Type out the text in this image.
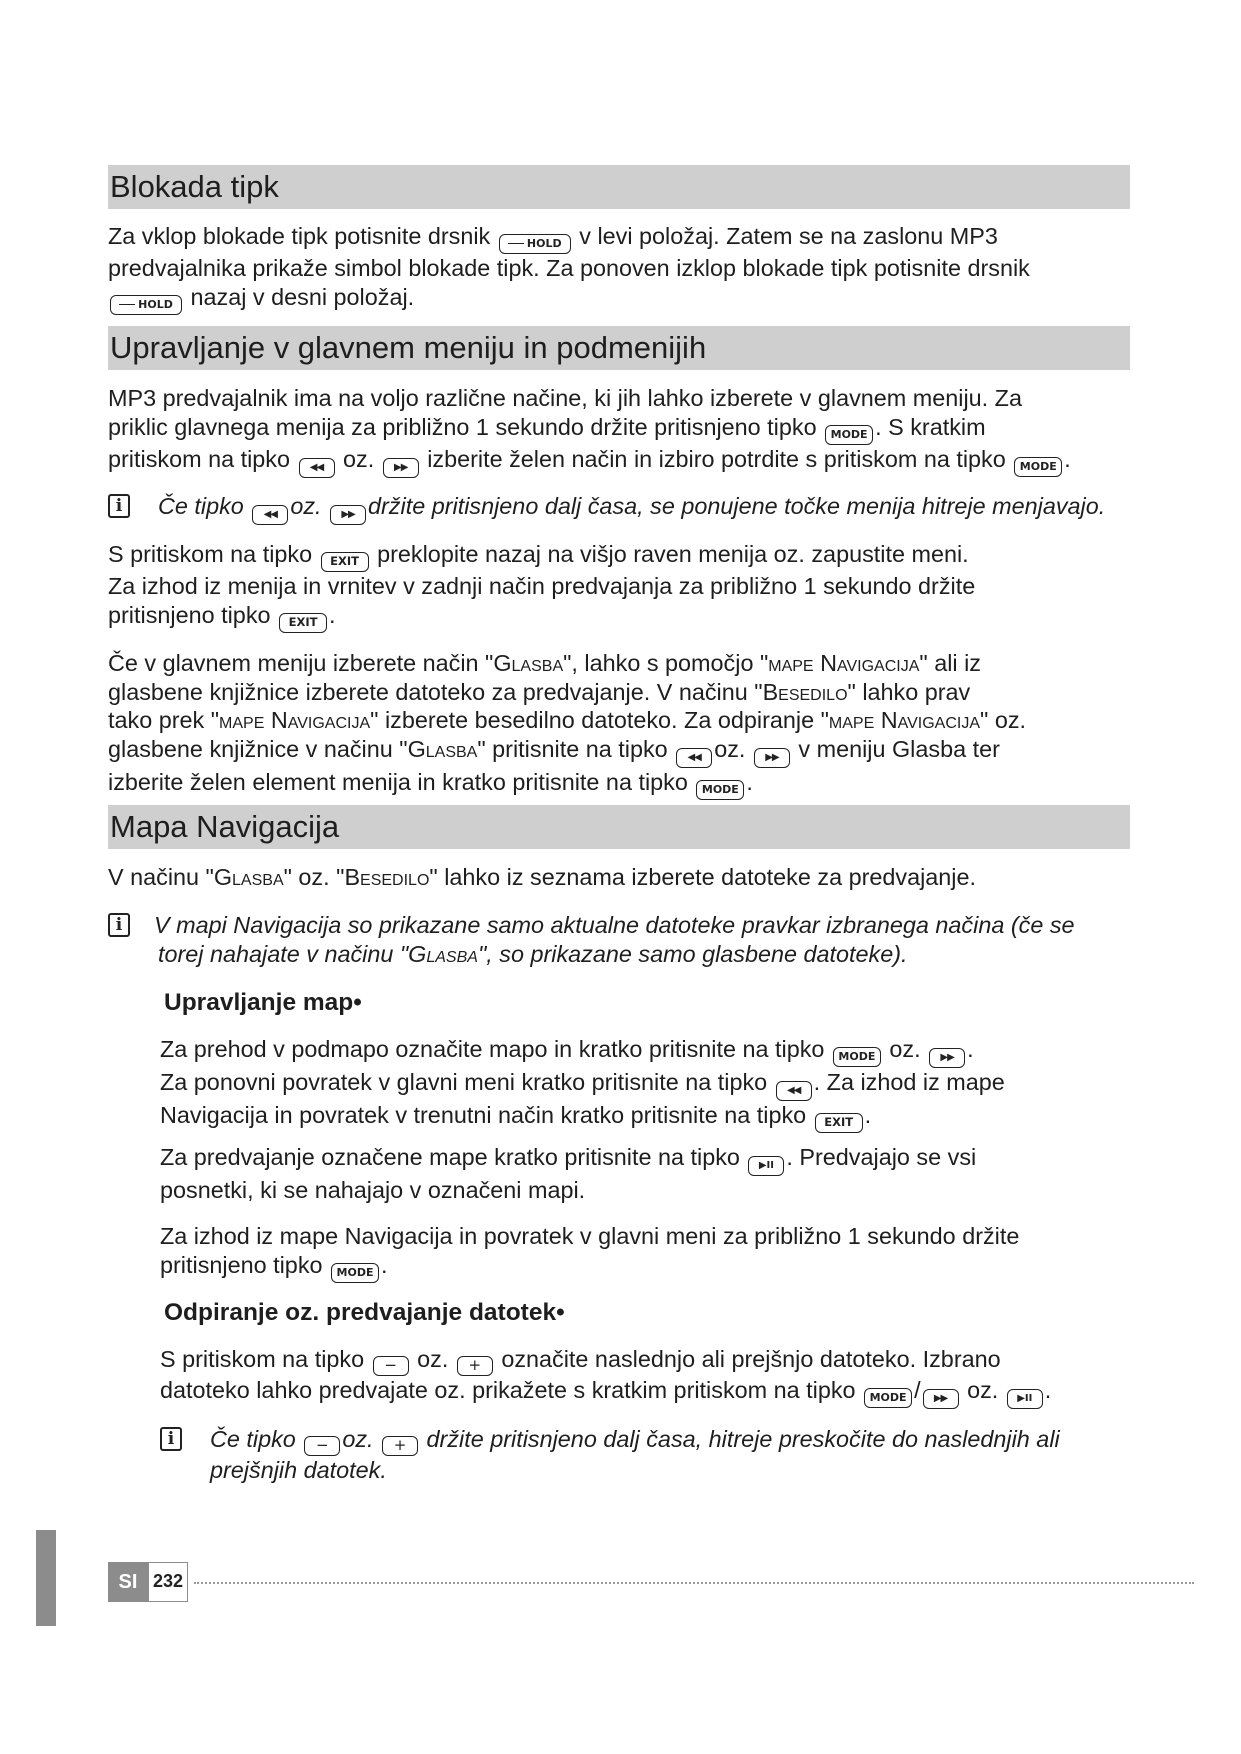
Blokada tipk
Za vklop blokade tipk potisnite drsnik	HOLD v levi položaj. Zatem se na zaslonu MP3
predvajalnika prikaže simbol blokade tipk. Za ponoven izklop blokade tipk potisnite drsnik
HOLD nazaj v desni položaj.
Upravljanje v glavnem meniju in podmenijih
MP3 predvajalnik ima na voljo različne načine, ki jih lahko izberete v glavnem meniju. Za
priklic glavnega menija za približno 1 sekundo držite pritisnjeno tipko MODE . S kratkim
pritiskom na tipko ◀◀ oz. ▶▶ izberite želen način in izbiro potrdite s pritiskom na tipko MODE .
i	Če tipko ◀◀ oz. ▶▶ držite pritisnjeno dalj časa, se ponujene točke menija hitreje menjavajo.
S pritiskom na tipko EXIT preklopite nazaj na višjo raven menija oz. zapustite meni.
Za izhod iz menija in vrnitev v zadnji način predvajanja za približno 1 sekundo držite
pritisnjeno tipko EXIT .
Če v glavnem meniju izberete način "Glasba", lahko s pomočjo "mape Navigacija" ali iz
glasbene knjižnice izberete datoteko za predvajanje. V načinu "Besedilo" lahko prav
tako prek "mape Navigacija" izberete besedilno datoteko. Za odpiranje "mape Navigacija" oz.
glasbene knjižnice v načinu "Glasba" pritisnite na tipko ◀◀ oz. ▶▶ v meniju Glasba ter
izberite želen element menija in kratko pritisnite na tipko MODE .
Mapa Navigacija
V načinu "Glasba" oz. "Besedilo" lahko iz seznama izberete datoteke za predvajanje.
i	V mapi Navigacija so prikazane samo aktualne datoteke pravkar izbranega načina (če se
torej nahajate v načinu "Glasba", so prikazane samo glasbene datoteke).
Upravljanje map•
Za prehod v podmapo označite mapo in kratko pritisnite na tipko MODE oz. ▶▶ .
Za ponovni povratek v glavni meni kratko pritisnite na tipko ◀◀ . Za izhod iz mape
Navigacija in povratek v trenutni način kratko pritisnite na tipko EXIT .
Za predvajanje označene mape kratko pritisnite na tipko ▶II . Predvajajo se vsi
posnetki, ki se nahajajo v označeni mapi.
Za izhod iz mape Navigacija in povratek v glavni meni za približno 1 sekundo držite
pritisnjeno tipko MODE .
Odpiranje oz. predvajanje datotek•
S pritiskom na tipko − oz. + označite naslednjo ali prejšnjo datoteko. Izbrano
datoteko lahko predvajate oz. prikažete s kratkim pritiskom na tipko MODE / ▶▶ oz. ▶II .
i	Če tipko − oz. + držite pritisnjeno dalj časa, hitreje preskočite do naslednjih ali
prejšnjih datotek.
SI 232
